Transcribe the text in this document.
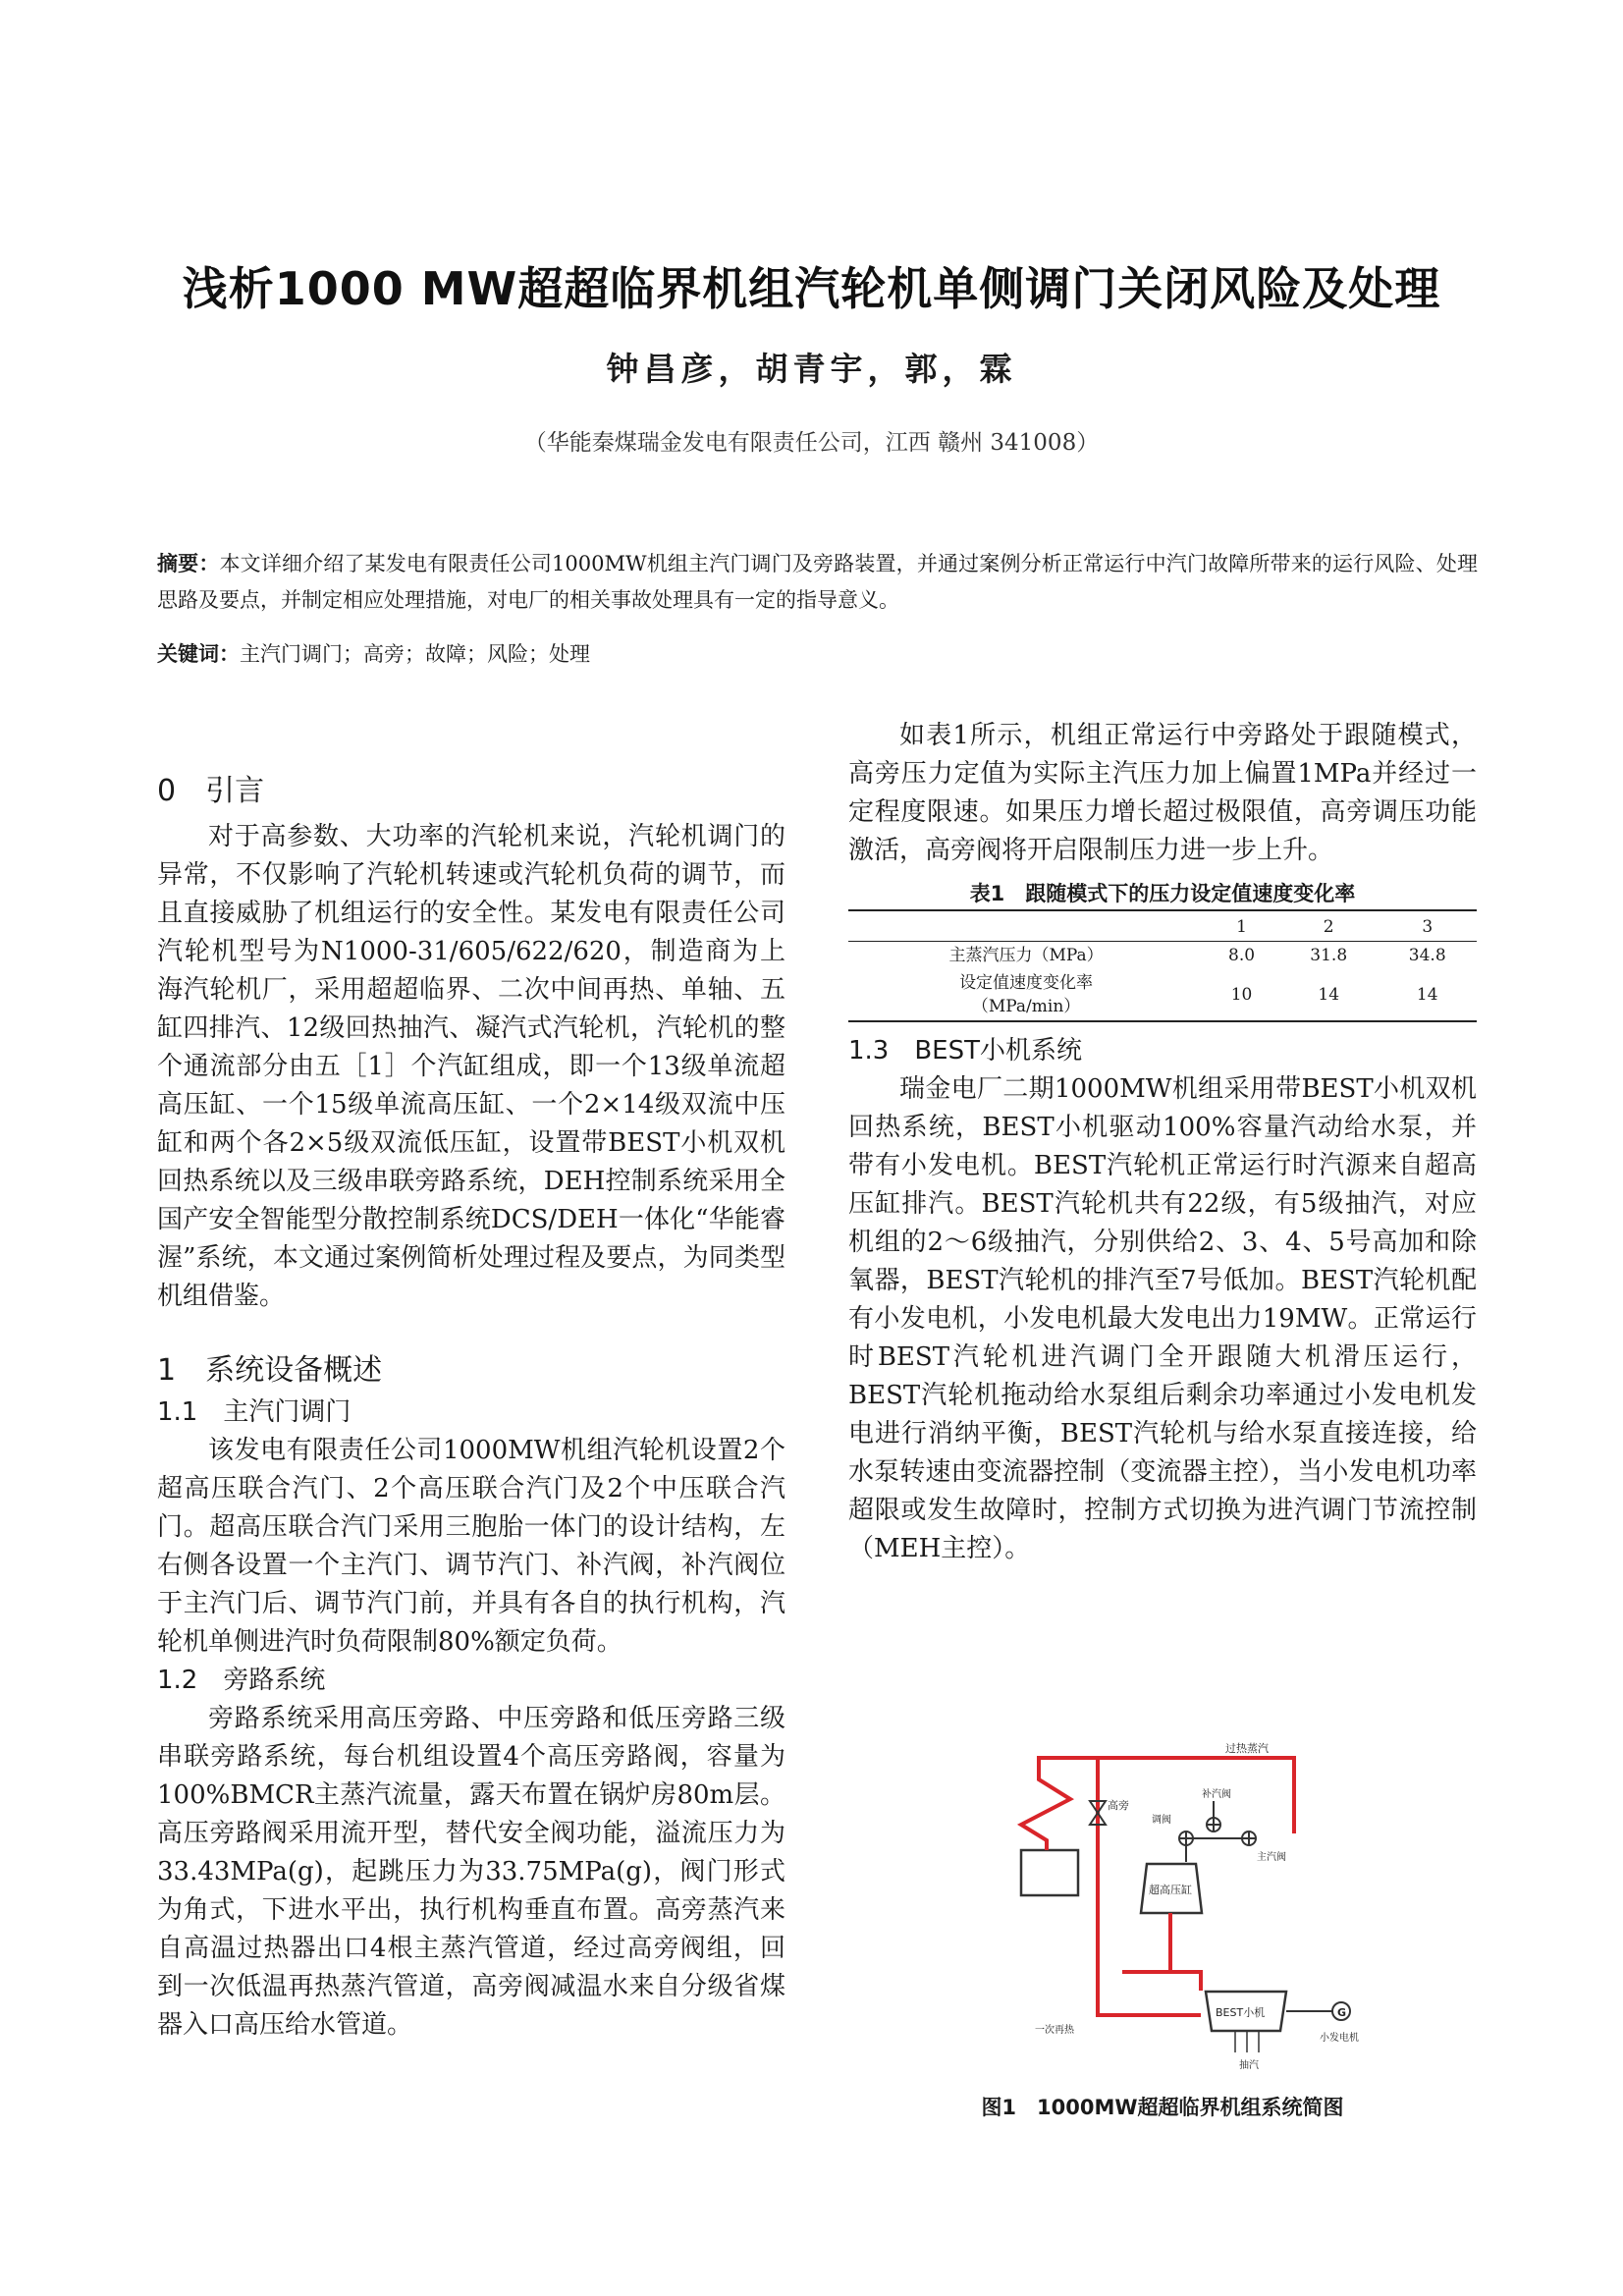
浅析1000 MW超超临界机组汽轮机单侧调门关闭风险及处理
钟昌彦，胡青宇，郭，霖
（华能秦煤瑞金发电有限责任公司，江西 赣州 341008）
摘要：本文详细介绍了某发电有限责任公司1000MW机组主汽门调门及旁路装置，并通过案例分析正常运行中汽门故障所带来的运行风险、处理思路及要点，并制定相应处理措施，对电厂的相关事故处理具有一定的指导意义。
关键词：主汽门调门；高旁；故障；风险；处理
0　引言

对于高参数、大功率的汽轮机来说，汽轮机调门的异常，不仅影响了汽轮机转速或汽轮机负荷的调节，而且直接威胁了机组运行的安全性。某发电有限责任公司汽轮机型号为N1000-31/605/622/620，制造商为上海汽轮机厂，采用超超临界、二次中间再热、单轴、五缸四排汽、12级回热抽汽、凝汽式汽轮机，汽轮机的整个通流部分由五［1］个汽缸组成，即一个13级单流超高压缸、一个15级单流高压缸、一个2×14级双流中压缸和两个各2×5级双流低压缸，设置带BEST小机双机回热系统以及三级串联旁路系统，DEH控制系统采用全国产安全智能型分散控制系统DCS/DEH一体化“华能睿渥”系统，本文通过案例简析处理过程及要点，为同类型机组借鉴。

1　系统设备概述
1.1　主汽门调门

该发电有限责任公司1000MW机组汽轮机设置2个超高压联合汽门、2个高压联合汽门及2个中压联合汽门。超高压联合汽门采用三胞胎一体门的设计结构，左右侧各设置一个主汽门、调节汽门、补汽阀，补汽阀位于主汽门后、调节汽门前，并具有各自的执行机构，汽轮机单侧进汽时负荷限制80%额定负荷。

1.2　旁路系统

旁路系统采用高压旁路、中压旁路和低压旁路三级串联旁路系统，每台机组设置4个高压旁路阀，容量为100%BMCR主蒸汽流量，露天布置在锅炉房80m层。高压旁路阀采用流开型，替代安全阀功能，溢流压力为33.43MPa(g)，起跳压力为33.75MPa(g)，阀门形式为角式，下进水平出，执行机构垂直布置。高旁蒸汽来自高温过热器出口4根主蒸汽管道，经过高旁阀组，回到一次低温再热蒸汽管道，高旁阀减温水来自分级省煤器入口高压给水管道。

如表1所示，机组正常运行中旁路处于跟随模式，高旁压力定值为实际主汽压力加上偏置1MPa并经过一定程度限速。如果压力增长超过极限值，高旁调压功能激活，高旁阀将开启限制压力进一步上升。

表1　跟随模式下的压力设定值速度变化率
	1	2	3
主蒸汽压力（MPa）	8.0	31.8	34.8
设定值速度变化率
（MPa/min）	10	14	14
1.3　BEST小机系统

瑞金电厂二期1000MW机组采用带BEST小机双机回热系统，BEST小机驱动100%容量汽动给水泵，并带有小发电机。BEST汽轮机正常运行时汽源来自超高压缸排汽。BEST汽轮机共有22级，有5级抽汽，对应机组的2～6级抽汽，分别供给2、3、4、5号高加和除氧器，BEST汽轮机的排汽至7号低加。BEST汽轮机配有小发电机，小发电机最大发电出力19MW。正常运行时BEST汽轮机进汽调门全开跟随大机滑压运行，BEST汽轮机拖动给水泵组后剩余功率通过小发电机发电进行消纳平衡，BEST汽轮机与给水泵直接连接，给水泵转速由变流器控制（变流器主控），当小发电机功率超限或发生故障时，控制方式切换为进汽调门节流控制（MEH主控）。

过热蒸汽
高旁
补汽阀
调阀
主汽阀
超高压缸
一次再热
BEST小机
抽汽
G
小发电机
图1　1000MW超超临界机组系统简图
